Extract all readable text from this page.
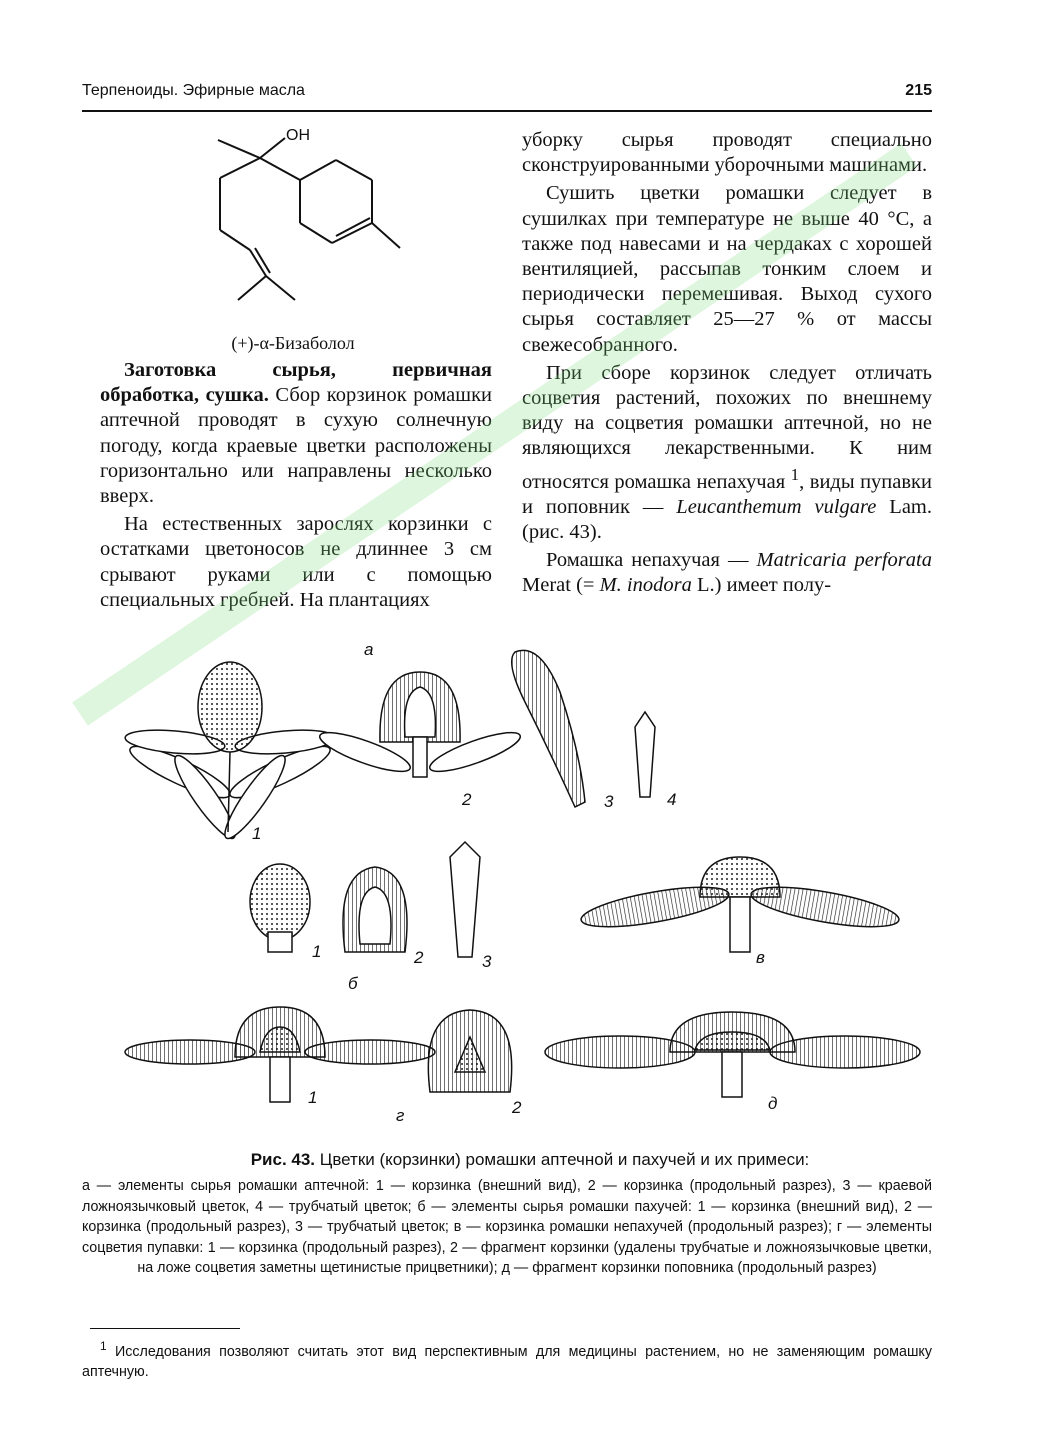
Терпеноиды. Эфирные масла	215
OH
(+)-α-Бизаболол

Заготовка сырья, первичная обработка, сушка. Сбор корзинок ромашки аптечной проводят в сухую солнечную погоду, когда краевые цветки расположены горизонтально или направлены несколько вверх.

На естественных зарослях корзинки с остатками цветоносов не длиннее 3 см срывают руками или с помощью специальных гребней. На плантациях

уборку сырья проводят специально сконструированными уборочными машинами.

Сушить цветки ромашки следует в сушилках при температуре не выше 40 °С, а также под навесами и на чердаках с хорошей вентиляцией, рассыпав тонким слоем и периодически перемешивая. Выход сухого сырья составляет 25—27 % от массы свежесобранного.

При сборе корзинок следует отличать соцветия растений, похожих по внешнему виду на соцветия ромашки аптечной, но не являющихся лекарственными. К ним относятся ромашка непахучая $^1$, виды пупавки и поповник — Leucanthemum vulgare Lam. (рис. 43).

Ромашка непахучая — Matricaria perforata Merat (= M. inodora L.) имеет полу-

а
1
2	3	4
1	2	3
б
в
1
г	2	д
Рис. 43. Цветки (корзинки) ромашки аптечной и пахучей и их примеси:
а — элементы сырья ромашки аптечной: 1 — корзинка (внешний вид), 2 — корзинка (продольный разрез), 3 — краевой ложноязычковый цветок, 4 — трубчатый цветок; б — элементы сырья ромашки пахучей: 1 — корзинка (внешний вид), 2 — корзинка (продольный разрез), 3 — трубчатый цветок; в — корзинка ромашки непахучей (продольный разрез); г — элементы соцветия пупавки: 1 — корзинка (продольный разрез), 2 — фрагмент корзинки (удалены трубчатые и ложноязычковые цветки, на ложе соцветия заметны щетинистые прицветники); д — фрагмент корзинки поповника (продольный разрез)
$^1$ Исследования позволяют считать этот вид перспективным для медицины растением, но не заменяющим ромашку аптечную.
